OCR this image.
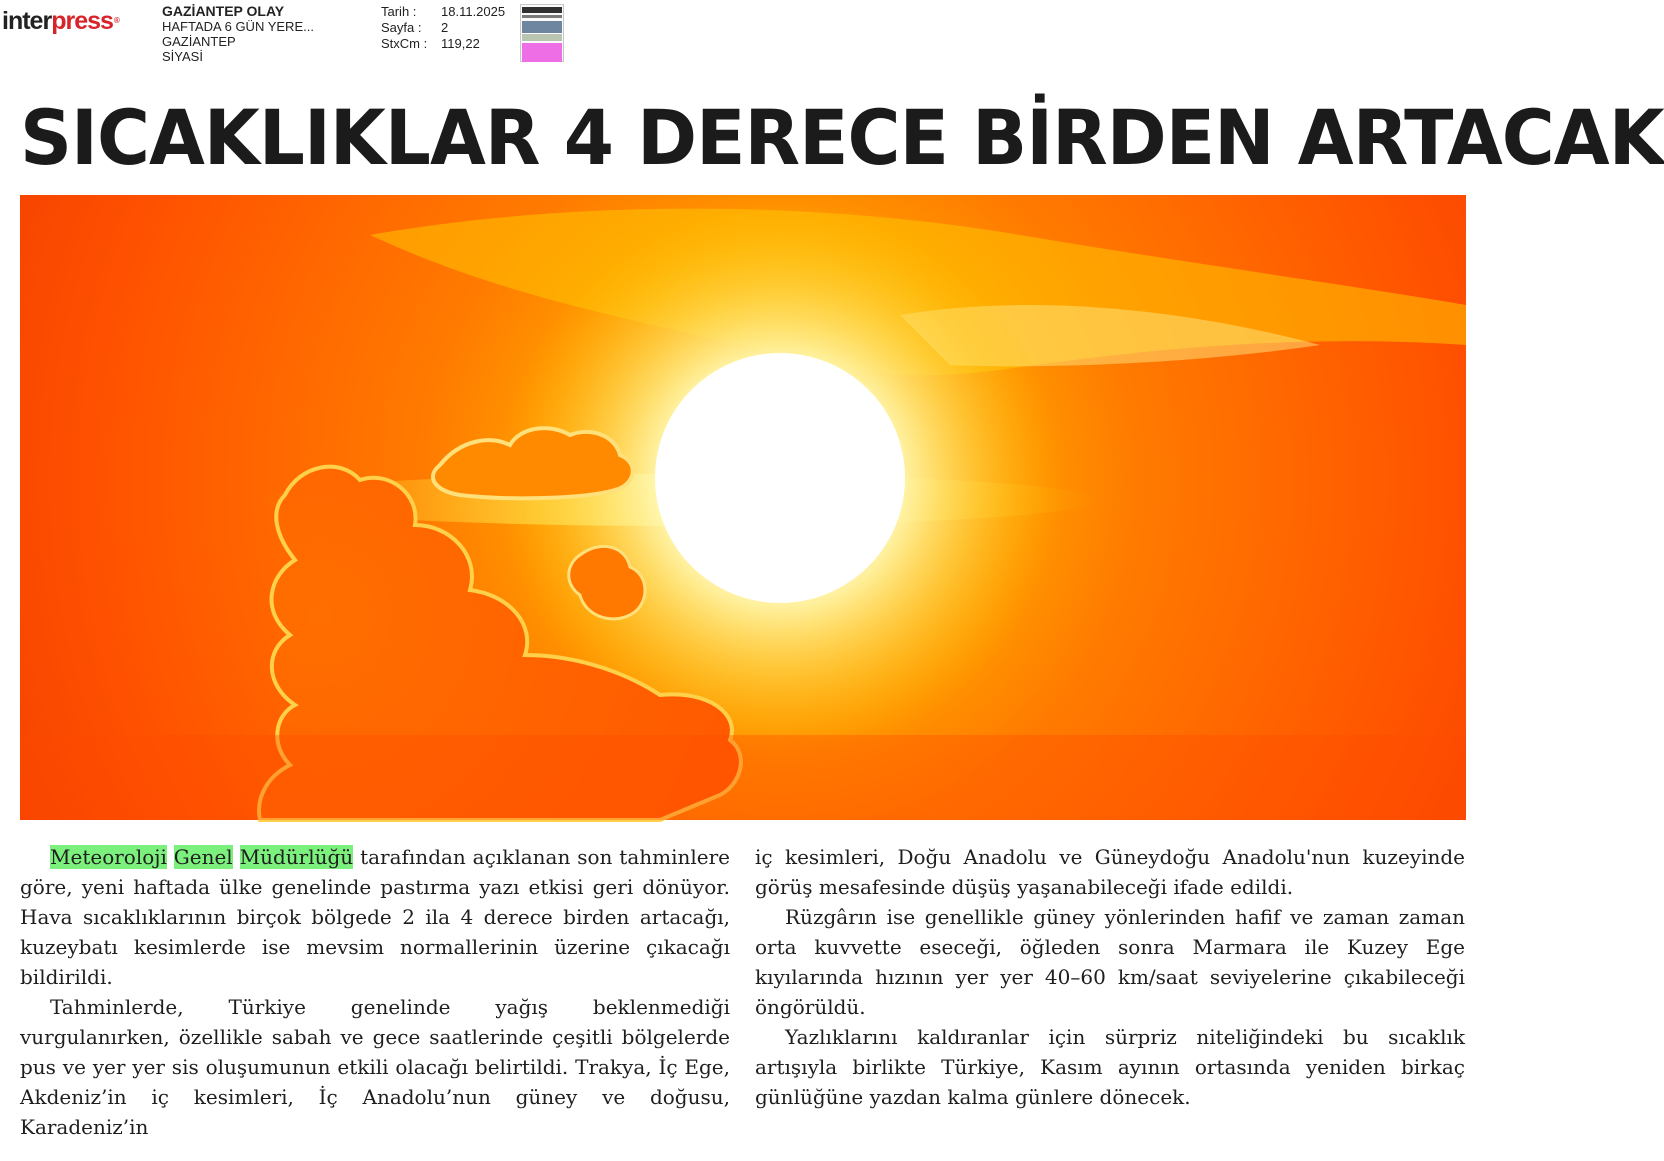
interpress®
GAZİANTEP OLAY
HAFTADA 6 GÜN YERE...
GAZİANTEP
SİYASİ
Tarih :	18.11.2025
Sayfa :	2
StxCm :	119,22
SICAKLIKLAR 4 DERECE BİRDEN ARTACAK

Meteoroloji Genel Müdürlüğü tarafından açıklanan son tahminlere göre, yeni haftada ülke genelinde pastırma yazı etkisi geri dönüyor. Hava sıcaklıklarının birçok bölgede 2 ila 4 derece birden artacağı, kuzeybatı kesimlerde ise mevsim normallerinin üzerine çıkacağı bildirildi.

Tahminlerde, Türkiye genelinde yağış beklenmediği vurgulanırken, özellikle sabah ve gece saatlerinde çeşitli bölgelerde pus ve yer yer sis oluşumunun etkili olacağı belirtildi. Trakya, İç Ege, Akdeniz’in iç kesimleri, İç Anadolu’nun güney ve doğusu, Karadeniz’in

iç kesimleri, Doğu Anadolu ve Güneydoğu Anadolu'nun kuzeyinde görüş mesafesinde düşüş yaşanabileceği ifade edildi.

Rüzgârın ise genellikle güney yönlerinden hafif ve zaman zaman orta kuvvette eseceği, öğleden sonra Marmara ile Kuzey Ege kıyılarında hızının yer yer 40–60 km/saat seviyelerine çıkabileceği öngörüldü.

Yazlıklarını kaldıranlar için sürpriz niteliğindeki bu sıcaklık artışıyla birlikte Türkiye, Kasım ayının ortasında yeniden birkaç günlüğüne yazdan kalma günlere dönecek.
